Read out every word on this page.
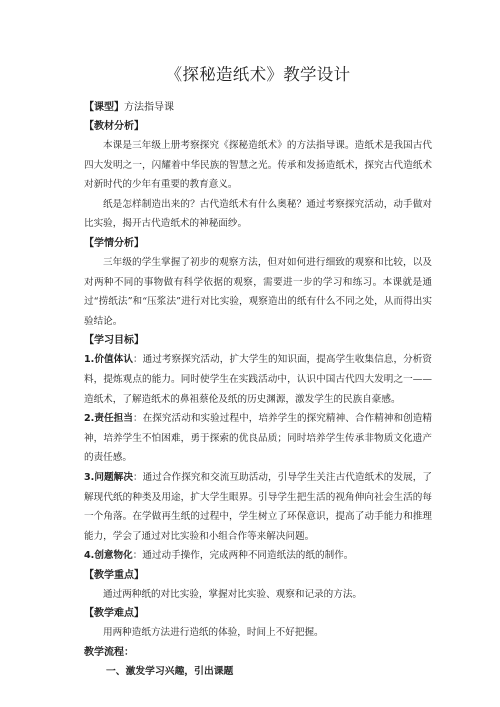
《探秘造纸术》教学设计
【课型】方法指导课
【教材分析】

本课是三年级上册考察探究《探秘造纸术》的方法指导课。造纸术是我国古代四大发明之一，闪耀着中华民族的智慧之光。传承和发扬造纸术，探究古代造纸术对新时代的少年有重要的教育意义。

纸是怎样制造出来的？古代造纸术有什么奥秘？通过考察探究活动，动手做对比实验，揭开古代造纸术的神秘面纱。

【学情分析】

三年级的学生掌握了初步的观察方法，但对如何进行细致的观察和比较，以及对两种不同的事物做有科学依据的观察，需要进一步的学习和练习。本课就是通过“捞纸法”和“压浆法”进行对比实验，观察造出的纸有什么不同之处，从而得出实验结论。

【学习目标】

1.价值体认：通过考察探究活动，扩大学生的知识面，提高学生收集信息，分析资料，提炼观点的能力。同时使学生在实践活动中，认识中国古代四大发明之一——造纸术，了解造纸术的鼻祖蔡伦及纸的历史渊源，激发学生的民族自豪感。

2.责任担当：在探究活动和实验过程中，培养学生的探究精神、合作精神和创造精神，培养学生不怕困难，勇于探索的优良品质；同时培养学生传承非物质文化遗产的责任感。

3.问题解决：通过合作探究和交流互助活动，引导学生关注古代造纸术的发展，了解现代纸的种类及用途，扩大学生眼界。引导学生把生活的视角伸向社会生活的每一个角落。在学做再生纸的过程中，学生树立了环保意识，提高了动手能力和推理能力，学会了通过对比实验和小组合作等来解决问题。

4.创意物化：通过动手操作，完成两种不同造纸法的纸的制作。

【教学重点】

通过两种纸的对比实验，掌握对比实验、观察和记录的方法。

【教学难点】

用两种造纸方法进行造纸的体验，时间上不好把握。

教学流程：
一、激发学习兴趣，引出课题
